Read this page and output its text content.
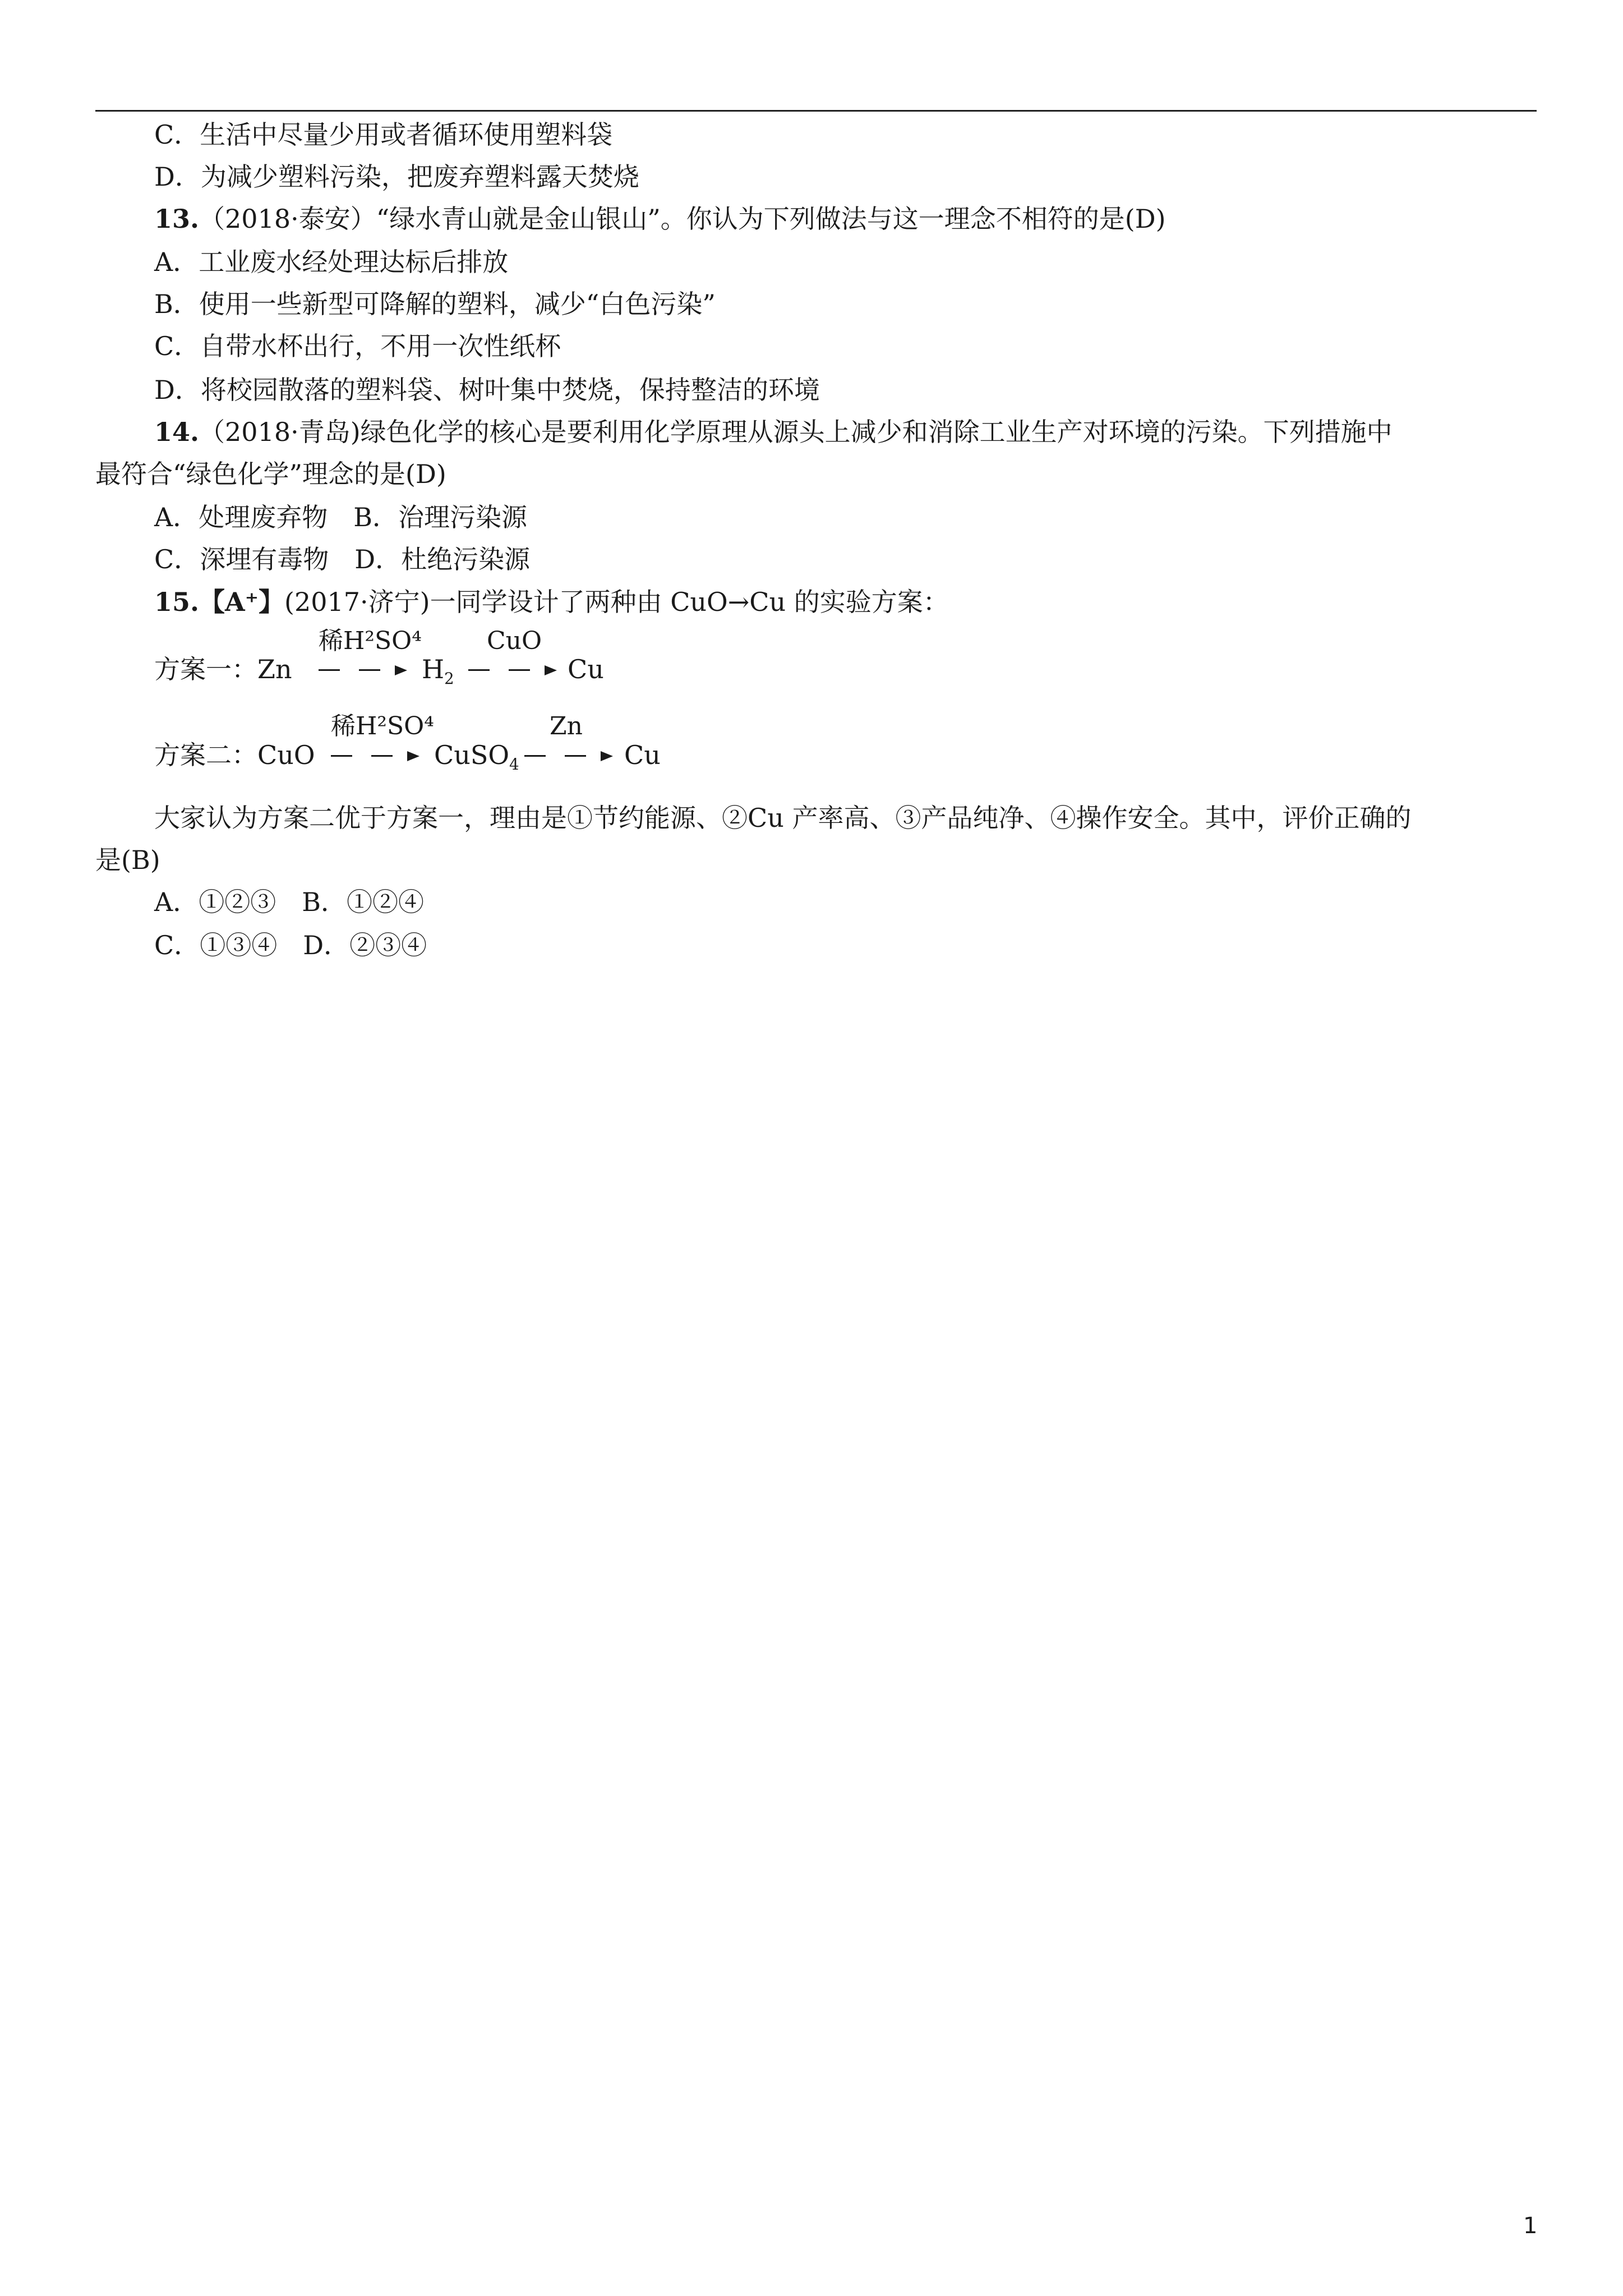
C．生活中尽量少用或者循环使用塑料袋
D．为减少塑料污染，把废弃塑料露天焚烧
13.（2018·泰安）“绿水青山就是金山银山”。你认为下列做法与这一理念不相符的是(D)
A．工业废水经处理达标后排放
B．使用一些新型可降解的塑料，减少“白色污染”
C．自带水杯出行，不用一次性纸杯
D．将校园散落的塑料袋、树叶集中焚烧，保持整洁的环境
14.（2018·青岛)绿色化学的核心是要利用化学原理从源头上减少和消除工业生产对环境的污染。下列措施中
最符合“绿色化学”理念的是(D)
A．处理废弃物　B．治理污染源
C．深埋有毒物　D．杜绝污染源
15.【A⁺】(2017·济宁)一同学设计了两种由 CuO→Cu 的实验方案：
方案一：Zn
稀H²SO⁴
$H_2$
CuO
Cu
方案二：CuO
稀H²SO⁴
CuSO$_4$
Zn
Cu
大家认为方案二优于方案一，理由是①节约能源、②Cu 产率高、③产品纯净、④操作安全。其中，评价正确的
是(B)
A．①②③　B．①②④
C．①③④　D．②③④
1
